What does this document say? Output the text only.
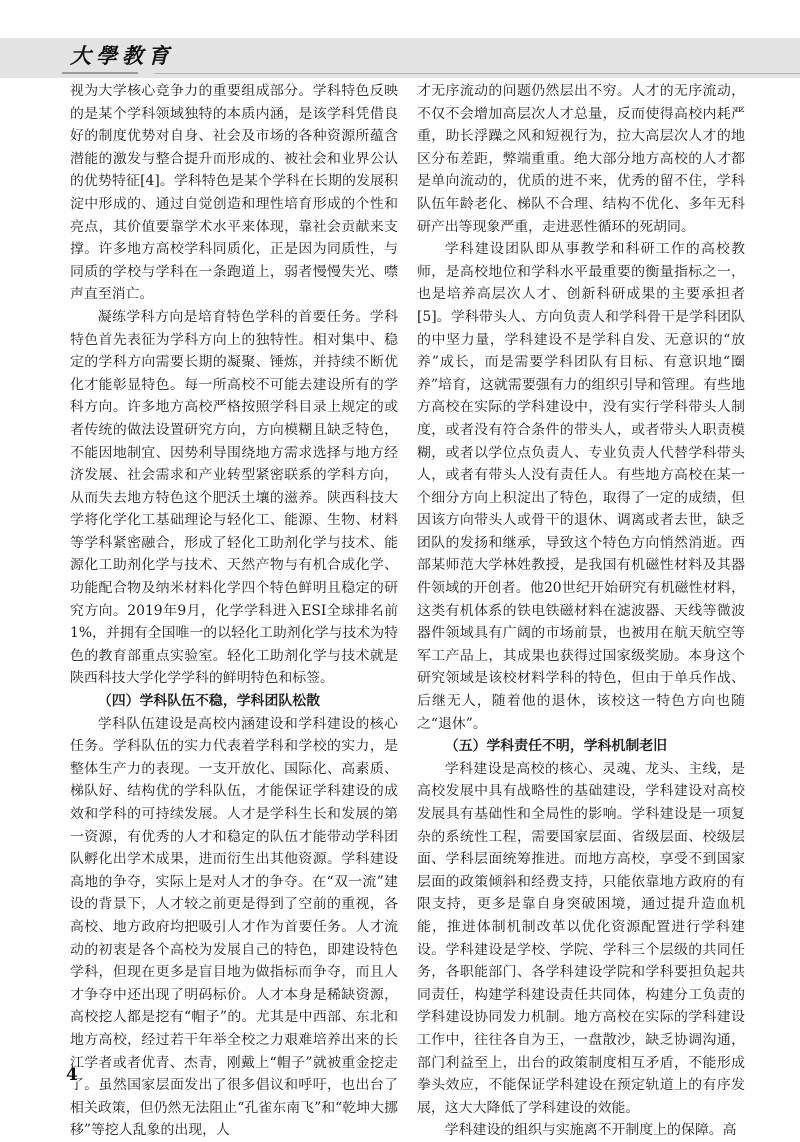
大學教育

视为大学核心竞争力的重要组成部分。学科特色反映的是某个学科领域独特的本质内涵，是该学科凭借良好的制度优势对自身、社会及市场的各种资源所蕴含潜能的激发与整合提升而形成的、被社会和业界公认的优势特征[4]。学科特色是某个学科在长期的发展积淀中形成的、通过自觉创造和理性培育形成的个性和亮点，其价值要靠学术水平来体现，靠社会贡献来支撑。许多地方高校学科同质化，正是因为同质性，与同质的学校与学科在一条跑道上，弱者慢慢失光、噤声直至消亡。

凝练学科方向是培育特色学科的首要任务。学科特色首先表征为学科方向上的独特性。相对集中、稳定的学科方向需要长期的凝聚、锤炼，并持续不断优化才能彰显特色。每一所高校不可能去建设所有的学科方向。许多地方高校严格按照学科目录上规定的或者传统的做法设置研究方向，方向模糊且缺乏特色，不能因地制宜、因势利导围绕地方需求选择与地方经济发展、社会需求和产业转型紧密联系的学科方向，从而失去地方特色这个肥沃土壤的滋养。陕西科技大学将化学化工基础理论与轻化工、能源、生物、材料等学科紧密融合，形成了轻化工助剂化学与技术、能源化工助剂化学与技术、天然产物与有机合成化学、功能配合物及纳米材料化学四个特色鲜明且稳定的研究方向。2019年9月，化学学科进入ESI全球排名前1%，并拥有全国唯一的以轻化工助剂化学与技术为特色的教育部重点实验室。轻化工助剂化学与技术就是陕西科技大学化学学科的鲜明特色和标签。

（四）学科队伍不稳，学科团队松散

学科队伍建设是高校内涵建设和学科建设的核心任务。学科队伍的实力代表着学科和学校的实力，是整体生产力的表现。一支开放化、国际化、高素质、梯队好、结构优的学科队伍，才能保证学科建设的成效和学科的可持续发展。人才是学科生长和发展的第一资源，有优秀的人才和稳定的队伍才能带动学科团队孵化出学术成果，进而衍生出其他资源。学科建设高地的争夺，实际上是对人才的争夺。在“双一流”建设的背景下，人才较之前更是得到了空前的重视，各高校、地方政府均把吸引人才作为首要任务。人才流动的初衷是各个高校为发展自己的特色，即建设特色学科，但现在更多是盲目地为做指标而争夺，而且人才争夺中还出现了明码标价。人才本身是稀缺资源，高校挖人都是挖有“帽子”的。尤其是中西部、东北和地方高校，经过若干年举全校之力艰难培养出来的长江学者或者优青、杰青，刚戴上“帽子”就被重金挖走了。虽然国家层面发出了很多倡议和呼吁，也出台了相关政策，但仍然无法阻止“孔雀东南飞”和“乾坤大挪移”等挖人乱象的出现，人

才无序流动的问题仍然层出不穷。人才的无序流动，不仅不会增加高层次人才总量，反而使得高校内耗严重，助长浮躁之风和短视行为，拉大高层次人才的地区分布差距，弊端重重。绝大部分地方高校的人才都是单向流动的，优质的进不来，优秀的留不住，学科队伍年龄老化、梯队不合理、结构不优化、多年无科研产出等现象严重，走进恶性循环的死胡同。

学科建设团队即从事教学和科研工作的高校教师，是高校地位和学科水平最重要的衡量指标之一，也是培养高层次人才、创新科研成果的主要承担者[5]。学科带头人、方向负责人和学科骨干是学科团队的中坚力量，学科建设不是学科自发、无意识的“放养”成长，而是需要学科团队有目标、有意识地“圈养”培育，这就需要强有力的组织引导和管理。有些地方高校在实际的学科建设中，没有实行学科带头人制度，或者没有符合条件的带头人，或者带头人职责模糊，或者以学位点负责人、专业负责人代替学科带头人，或者有带头人没有责任人。有些地方高校在某一个细分方向上积淀出了特色，取得了一定的成绩，但因该方向带头人或骨干的退休、调离或者去世，缺乏团队的发扬和继承，导致这个特色方向悄然消逝。西部某师范大学林姓教授，是我国有机磁性材料及其器件领域的开创者。他20世纪开始研究有机磁性材料，这类有机体系的铁电铁磁材料在滤波器、天线等微波器件领域具有广阔的市场前景，也被用在航天航空等军工产品上，其成果也获得过国家级奖励。本身这个研究领域是该校材料学科的特色，但由于单兵作战、后继无人，随着他的退休，该校这一特色方向也随之“退休”。

（五）学科责任不明，学科机制老旧

学科建设是高校的核心、灵魂、龙头、主线，是高校发展中具有战略性的基础建设，学科建设对高校发展具有基础性和全局性的影响。学科建设是一项复杂的系统性工程，需要国家层面、省级层面、校级层面、学科层面统筹推进。而地方高校，享受不到国家层面的政策倾斜和经费支持，只能依靠地方政府的有限支持，更多是靠自身突破困境，通过提升造血机能，推进体制机制改革以优化资源配置进行学科建设。学科建设是学校、学院、学科三个层级的共同任务，各职能部门、各学科建设学院和学科要担负起共同责任，构建学科建设责任共同体，构建分工负责的学科建设协同发力机制。地方高校在实际的学科建设工作中，往往各自为王，一盘散沙，缺乏协调沟通，部门利益至上，出台的政策制度相互矛盾，不能形成拳头效应，不能保证学科建设在预定轨道上的有序发展，这大大降低了学科建设的效能。

学科建设的组织与实施离不开制度上的保障。高

4
